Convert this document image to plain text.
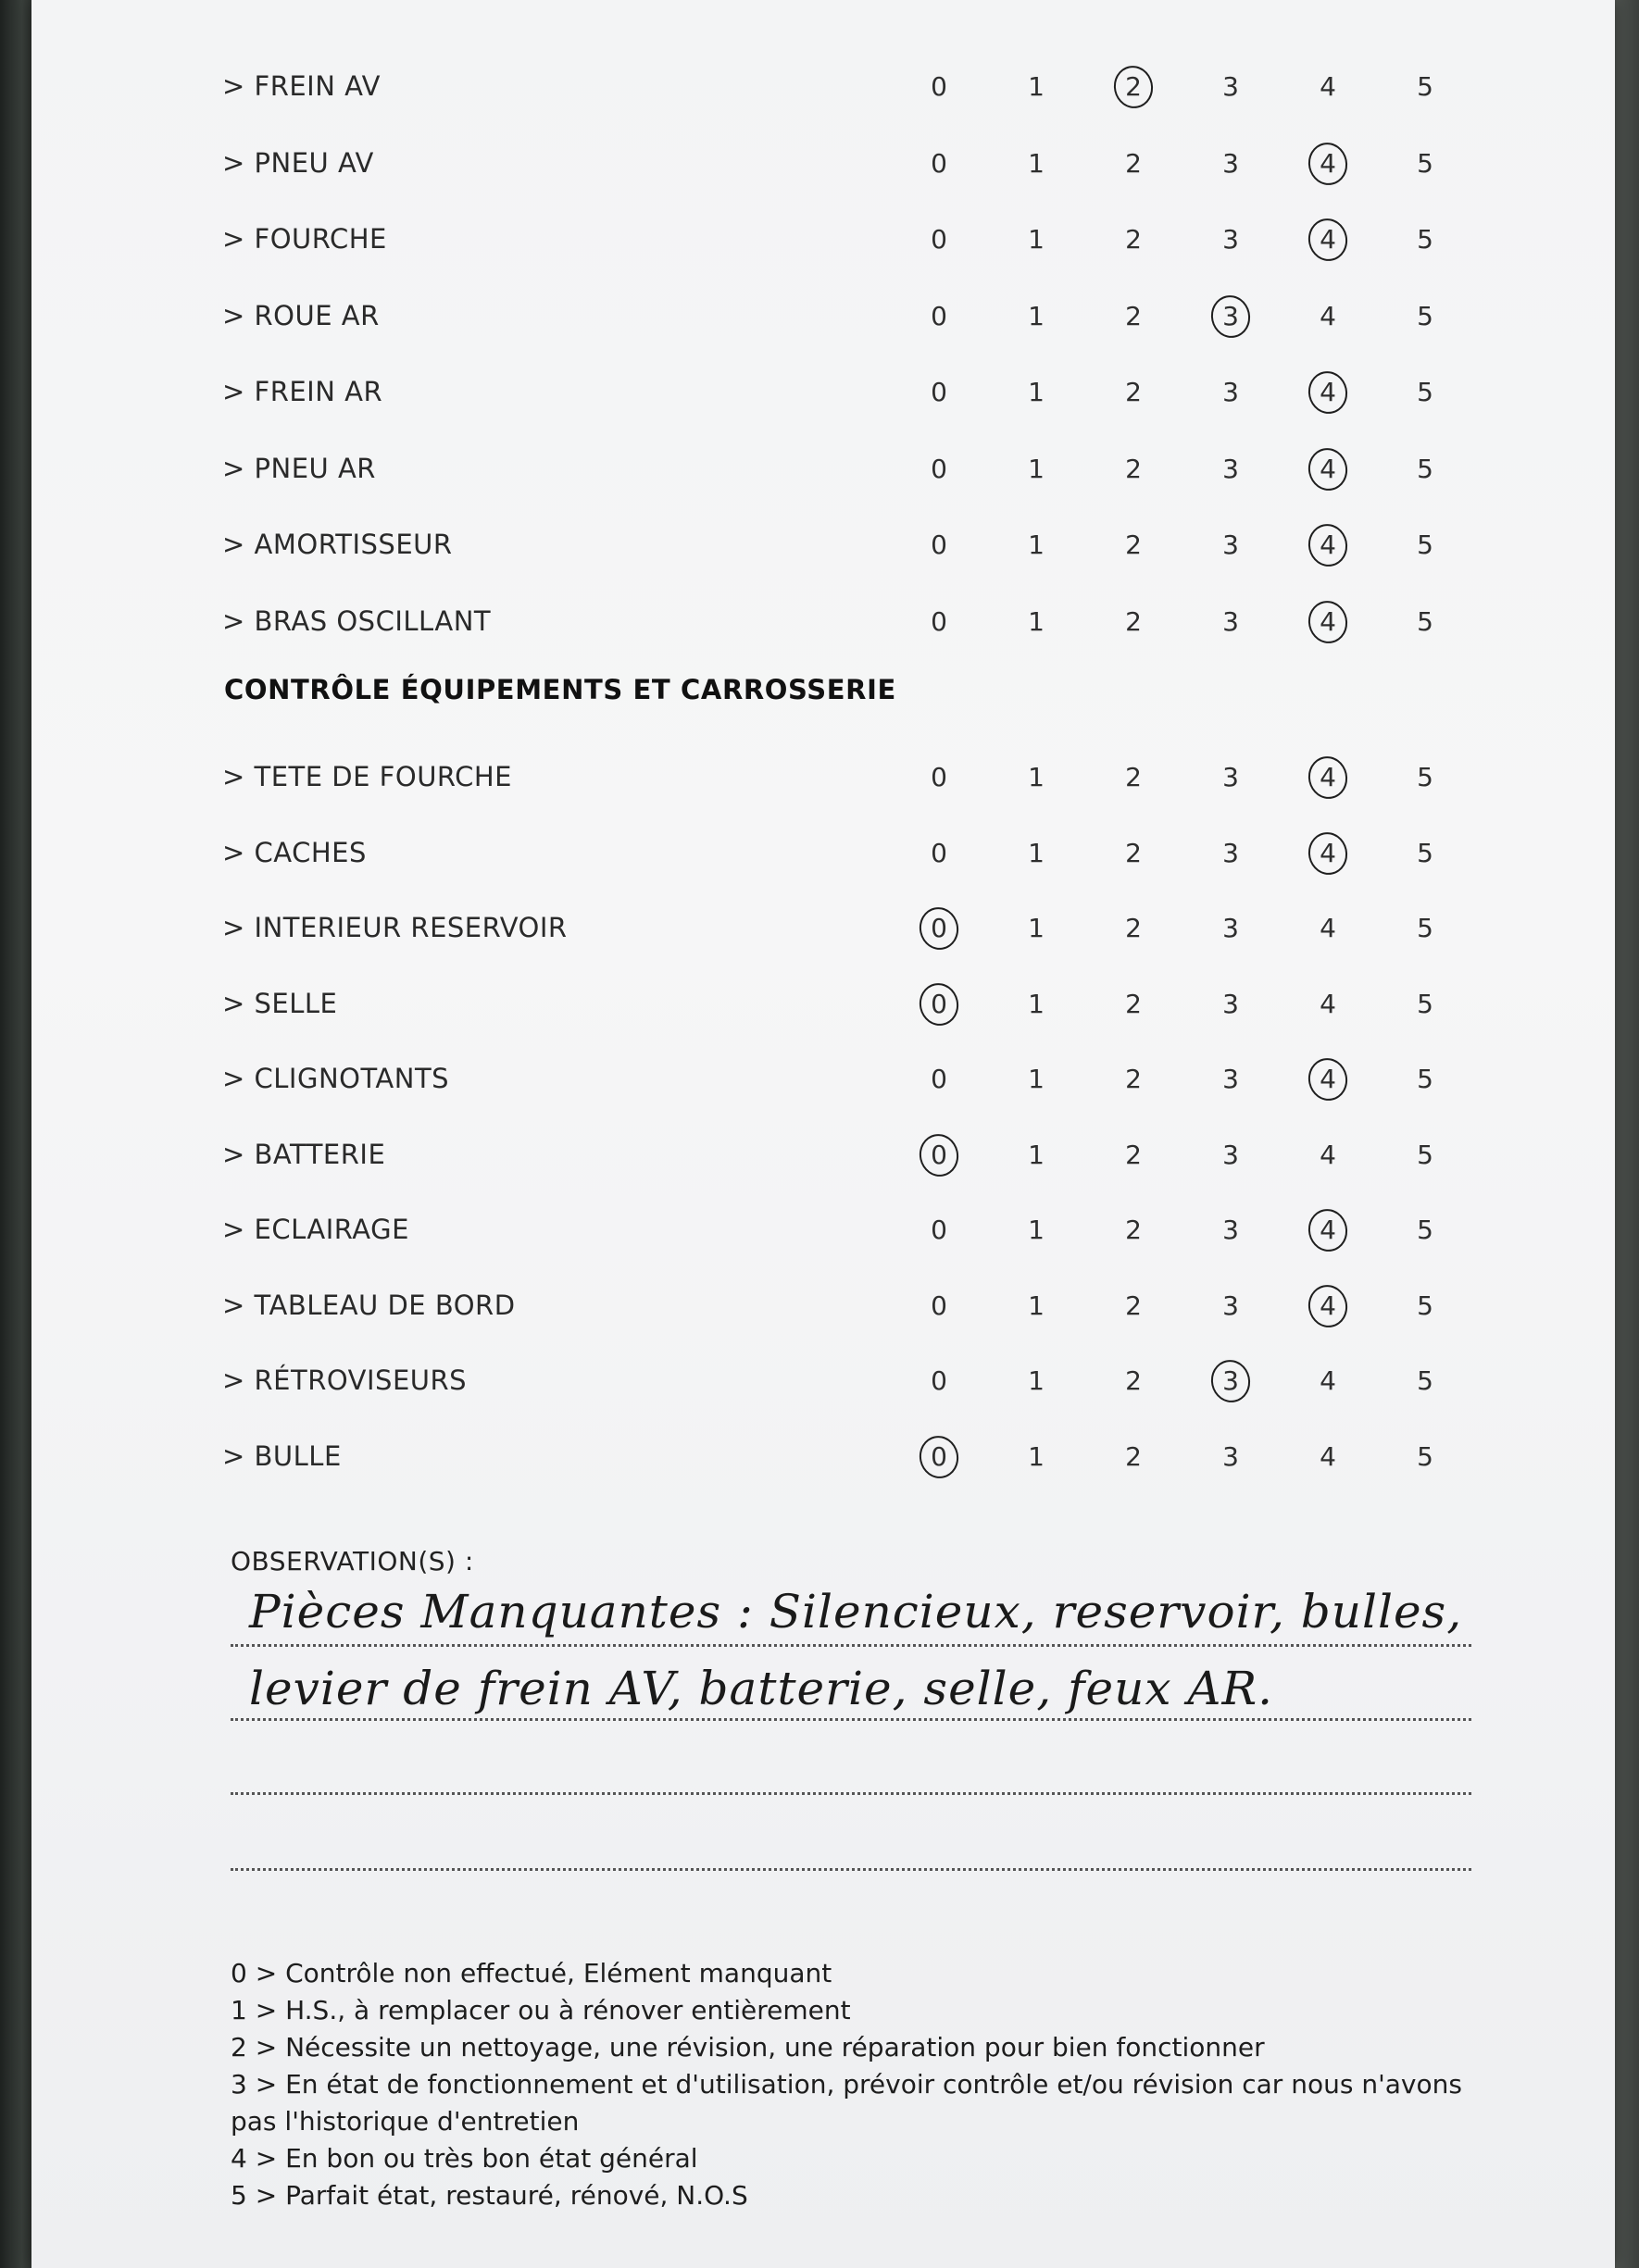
> FREIN AV	0	1	2	3	4	5
> PNEU AV	0	1	2	3	4	5
> FOURCHE	0	1	2	3	4	5
> ROUE AR	0	1	2	3	4	5
> FREIN AR	0	1	2	3	4	5
> PNEU AR	0	1	2	3	4	5
> AMORTISSEUR	0	1	2	3	4	5
> BRAS OSCILLANT	0	1	2	3	4	5
CONTRÔLE ÉQUIPEMENTS ET CARROSSERIE
> TETE DE FOURCHE	0	1	2	3	4	5
> CACHES	0	1	2	3	4	5
> INTERIEUR RESERVOIR	0	1	2	3	4	5
> SELLE	0	1	2	3	4	5
> CLIGNOTANTS	0	1	2	3	4	5
> BATTERIE	0	1	2	3	4	5
> ECLAIRAGE	0	1	2	3	4	5
> TABLEAU DE BORD	0	1	2	3	4	5
> RÉTROVISEURS	0	1	2	3	4	5
> BULLE	0	1	2	3	4	5
OBSERVATION(S) :
Pièces Manquantes : Silencieux, reservoir, bulles,
levier de frein AV, batterie, selle, feux AR.
0 > Contrôle non effectué, Elément manquant
1 > H.S., à remplacer ou à rénover entièrement
2 > Nécessite un nettoyage, une révision, une réparation pour bien fonctionner
3 > En état de fonctionnement et d'utilisation, prévoir contrôle et/ou révision car nous n'avons pas l'historique d'entretien
4 > En bon ou très bon état général
5 > Parfait état, restauré, rénové, N.O.S
